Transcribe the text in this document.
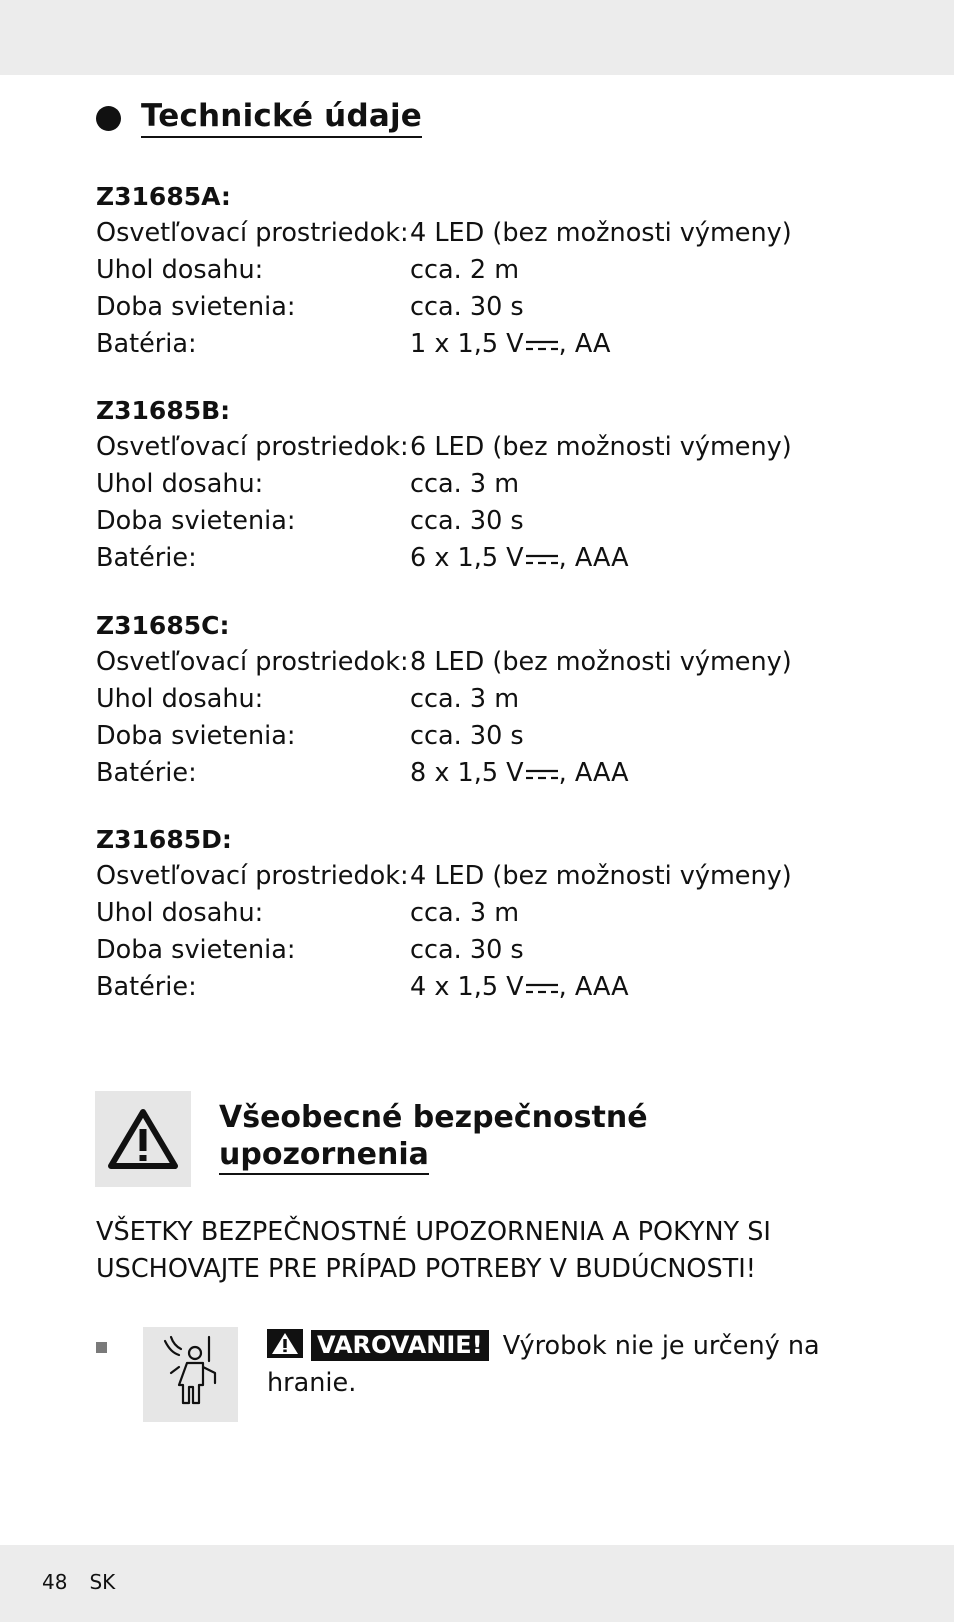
Technické údaje
Z31685A:
Osvetľovací prostriedok: 4 LED (bez možnosti výmeny)
Uhol dosahu:	cca. 2 m
Doba svietenia:	cca. 30 s
Batéria:	1 x 1,5 V , AA
Z31685B:
Osvetľovací prostriedok: 6 LED (bez možnosti výmeny)
Uhol dosahu:	cca. 3 m
Doba svietenia:	cca. 30 s
Batérie:	6 x 1,5 V , AAA
Z31685C:
Osvetľovací prostriedok: 8 LED (bez možnosti výmeny)
Uhol dosahu:	cca. 3 m
Doba svietenia:	cca. 30 s
Batérie:	8 x 1,5 V , AAA
Z31685D:
Osvetľovací prostriedok: 4 LED (bez možnosti výmeny)
Uhol dosahu:	cca. 3 m
Doba svietenia:	cca. 30 s
Batérie:	4 x 1,5 V , AAA
Všeobecné bezpečnostné
upozornenia
VŠETKY BEZPEČNOSTNÉ UPOZORNENIA A POKYNY SI
USCHOVAJTE PRE PRÍPAD POTREBY V BUDÚCNOSTI!
VAROVANIE! Výrobok nie je určený na hranie.
48 SK
